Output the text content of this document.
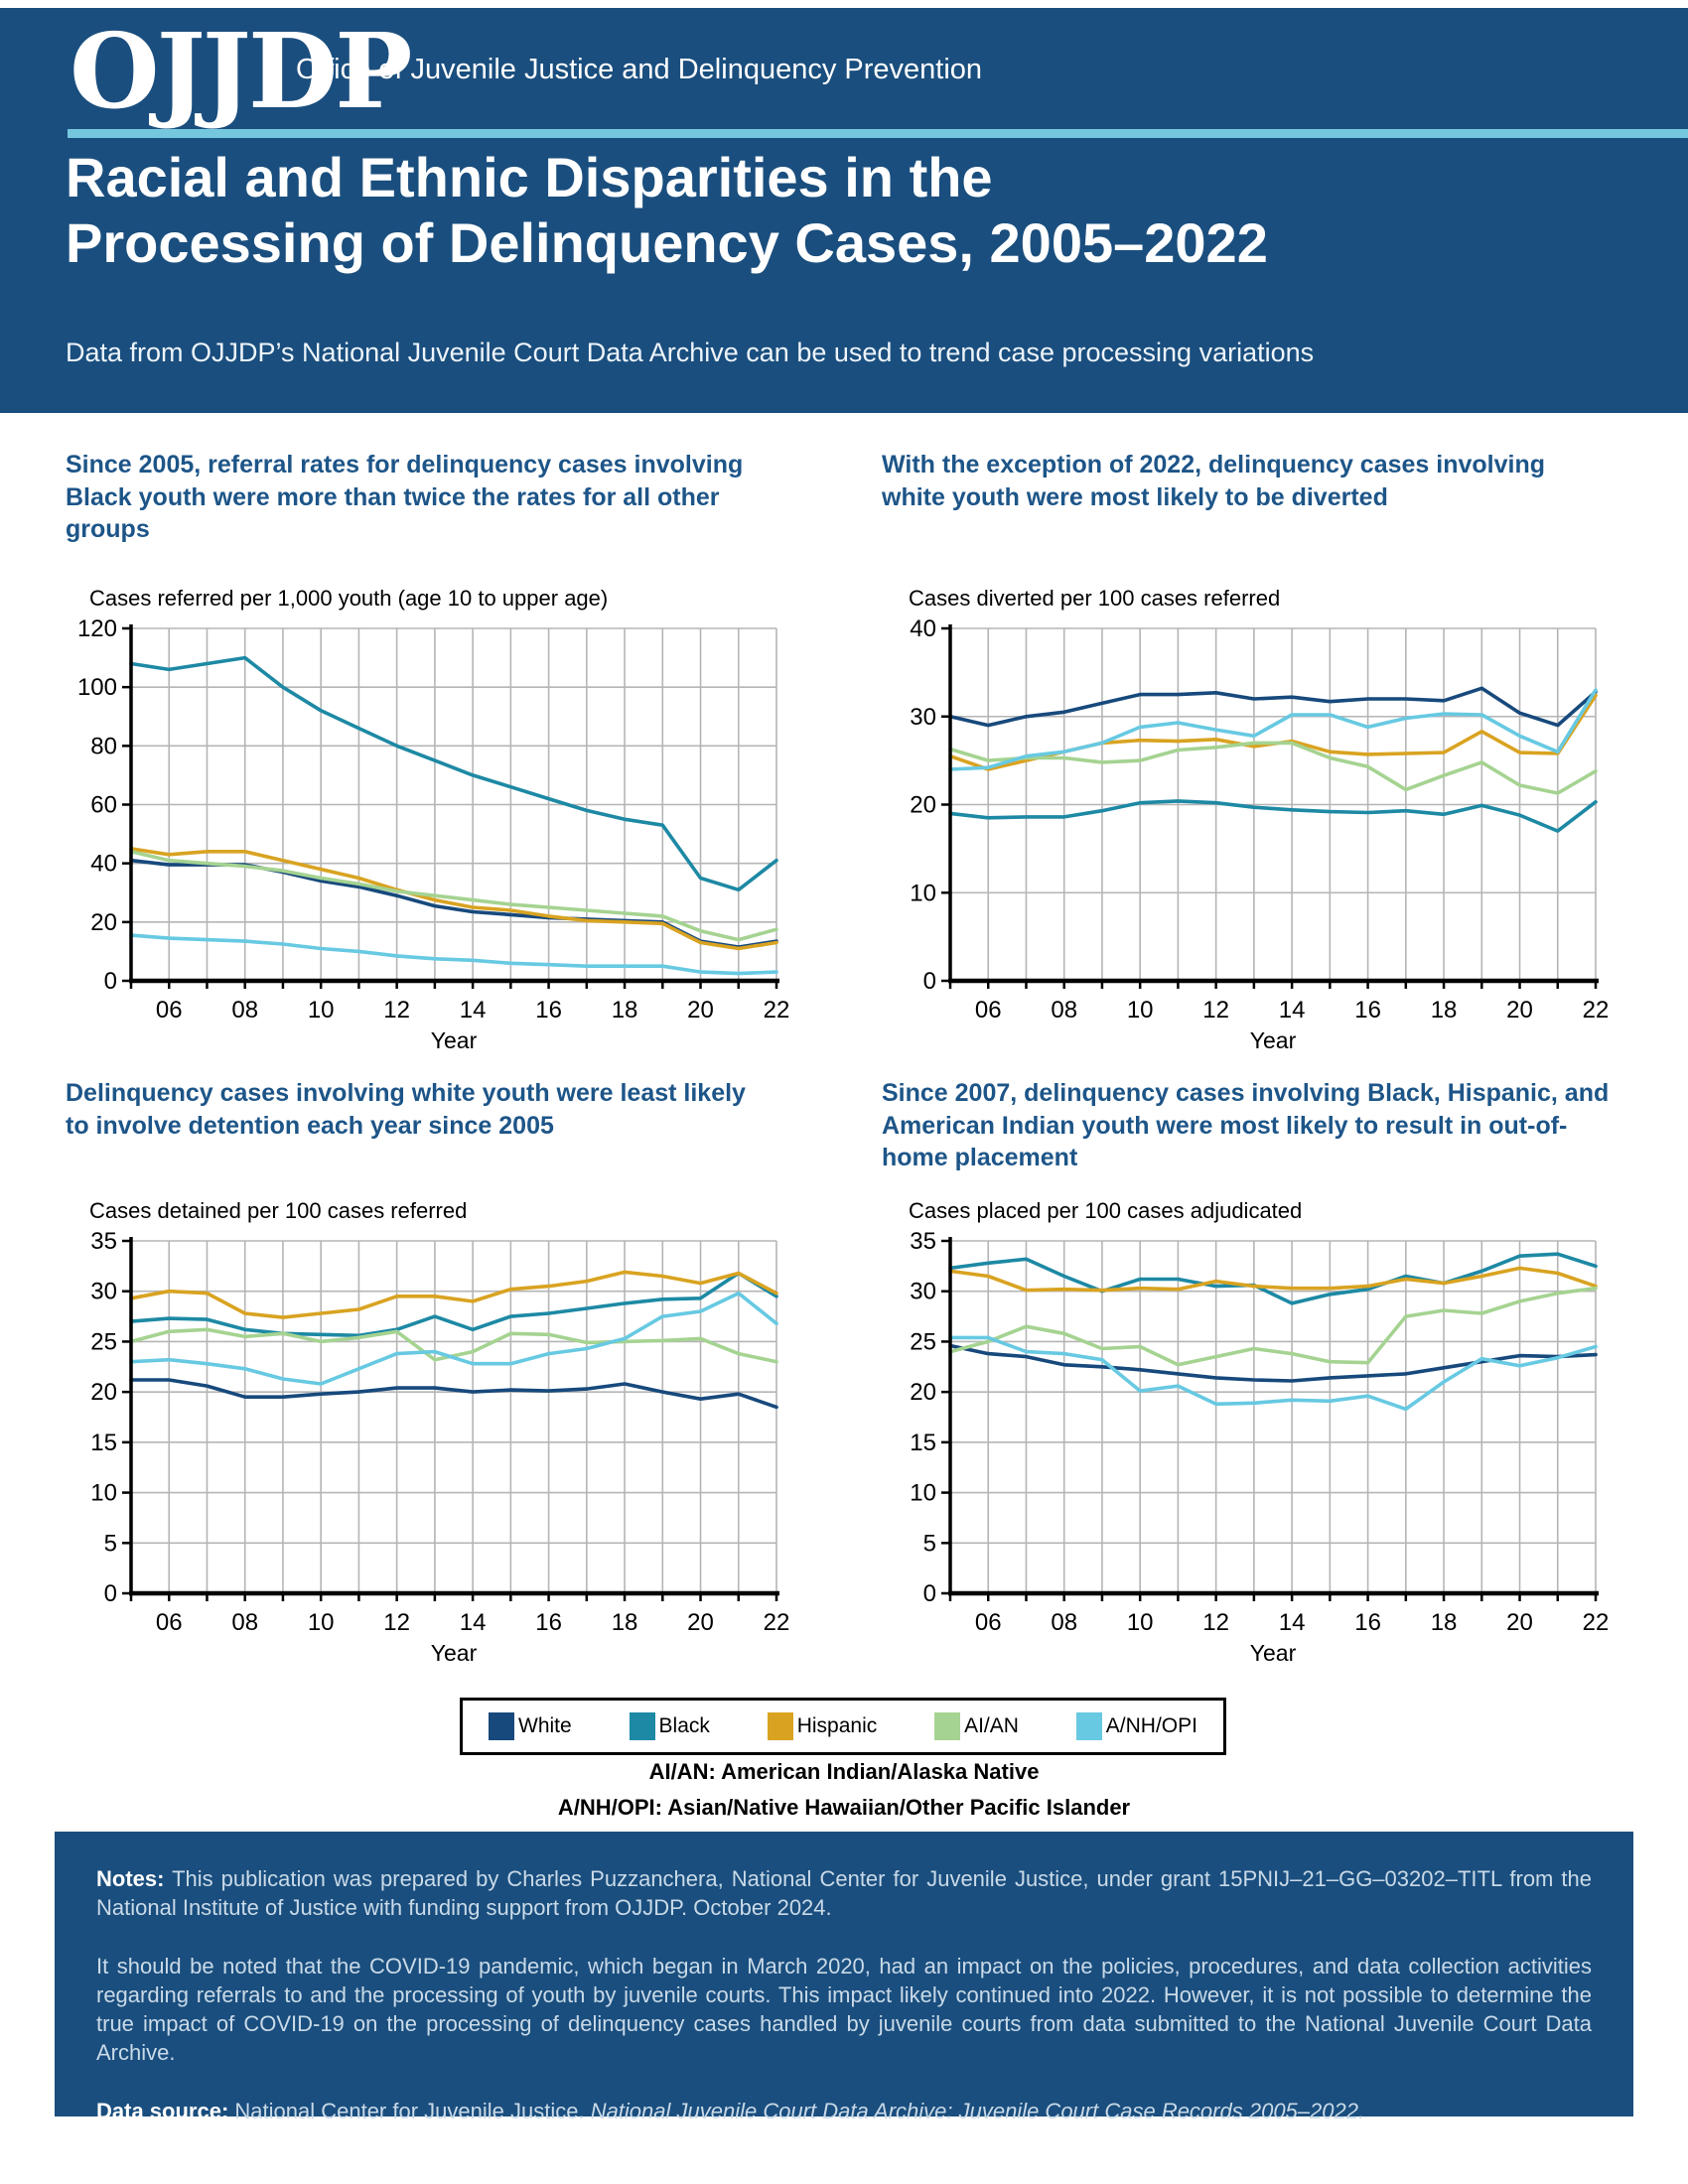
OJJDP
Office of Juvenile Justice and Delinquency Prevention
Racial and Ethnic Disparities in the
Processing of Delinquency Cases, 2005–2022
Data from OJJDP’s National Juvenile Court Data Archive can be used to trend case processing variations
Since 2005, referral rates for delinquency cases involving Black youth were more than twice the rates for all other groups
With the exception of 2022, delinquency cases involving white youth were most likely to be diverted
Delinquency cases involving white youth were least likely to involve detention each year since 2005
Since 2007, delinquency cases involving Black, Hispanic, and American Indian youth were most likely to result in out-of-home placement
Cases referred per 1,000 youth (age 10 to upper age)
0
20
40
60
80
100
120
06 08 10 12 14 16 18 20 22
Year
Cases diverted per 100 cases referred
0
10
20
30
40
06 08 10 12 14 16 18 20 22
Year
Cases detained per 100 cases referred
0
5
10
15
20
25
30
35
06 08 10 12 14 16 18 20 22
Year
Cases placed per 100 cases adjudicated
0
5
10
15
20
25
30
35
06 08 10 12 14 16 18 20 22
Year
White	Black	Hispanic	AI/AN	A/NH/OPI
AI/AN: American Indian/Alaska Native
A/NH/OPI: Asian/Native Hawaiian/Other Pacific Islander

Notes: This publication was prepared by Charles Puzzanchera, National Center for Juvenile Justice, under grant 15PNIJ–21–GG–03202–TITL from the National Institute of Justice with funding support from OJJDP. October 2024.

It should be noted that the COVID-19 pandemic, which began in March 2020, had an impact on the policies, procedures, and data collection activities regarding referrals to and the processing of youth by juvenile courts. This impact likely continued into 2022. However, it is not possible to determine the true impact of COVID-19 on the processing of delinquency cases handled by juvenile courts from data submitted to the National Juvenile Court Data Archive.

Data source: National Center for Juvenile Justice. National Juvenile Court Data Archive: Juvenile Court Case Records 2005–2022.
